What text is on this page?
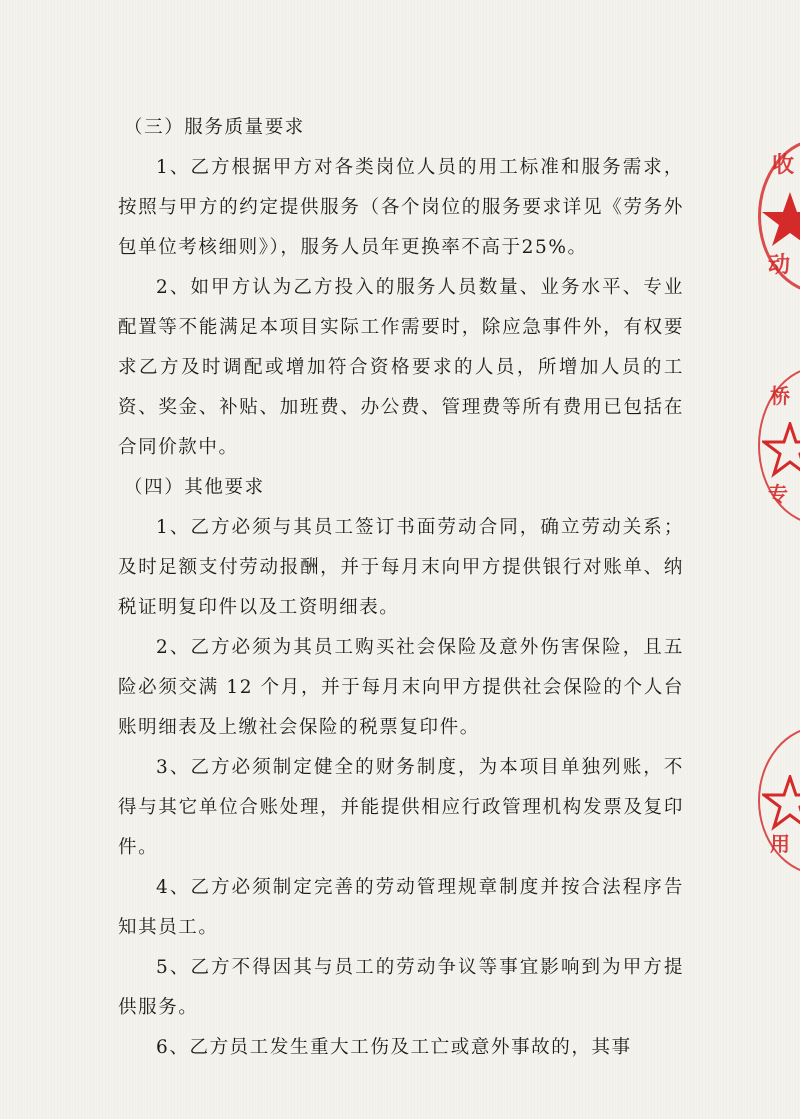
（三）服务质量要求

1、乙方根据甲方对各类岗位人员的用工标准和服务需求，按照与甲方的约定提供服务（各个岗位的服务要求详见《劳务外包单位考核细则》），服务人员年更换率不高于25%。

2、如甲方认为乙方投入的服务人员数量、业务水平、专业配置等不能满足本项目实际工作需要时，除应急事件外，有权要求乙方及时调配或增加符合资格要求的人员，所增加人员的工资、奖金、补贴、加班费、办公费、管理费等所有费用已包括在合同价款中。

（四）其他要求

1、乙方必须与其员工签订书面劳动合同，确立劳动关系；及时足额支付劳动报酬，并于每月末向甲方提供银行对账单、纳税证明复印件以及工资明细表。

2、乙方必须为其员工购买社会保险及意外伤害保险，且五险必须交满 12 个月，并于每月末向甲方提供社会保险的个人台账明细表及上缴社会保险的税票复印件。

3、乙方必须制定健全的财务制度，为本项目单独列账，不得与其它单位合账处理，并能提供相应行政管理机构发票及复印件。

4、乙方必须制定完善的劳动管理规章制度并按合法程序告知其员工。

5、乙方不得因其与员工的劳动争议等事宜影响到为甲方提供服务。

6、乙方员工发生重大工伤及工亡或意外事故的，其事

收
动
桥
专
用
